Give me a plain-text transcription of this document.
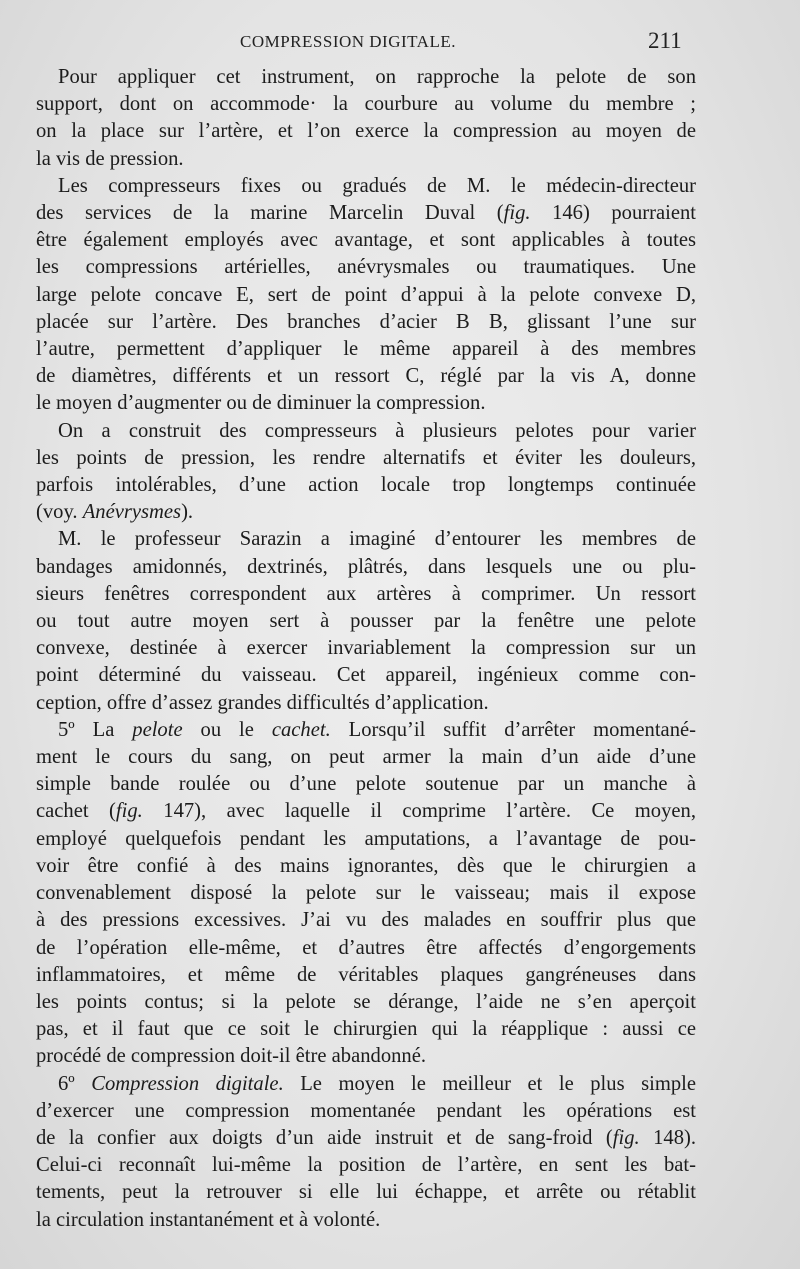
COMPRESSION DIGITALE.	211

Pour appliquer cet instrument, on rapproche la pelote de son
support, dont on accommode· la courbure au volume du membre ;
on la place sur l’artère, et l’on exerce la compression au moyen de
la vis de pression.

Les compresseurs fixes ou gradués de M. le médecin-directeur
des services de la marine Marcelin Duval (fig. 146) pourraient
être également employés avec avantage, et sont applicables à toutes
les compressions artérielles, anévrysmales ou traumatiques. Une
large pelote concave E, sert de point d’appui à la pelote convexe D,
placée sur l’artère. Des branches d’acier B B, glissant l’une sur
l’autre, permettent d’appliquer le même appareil à des membres
de diamètres, différents et un ressort C, réglé par la vis A, donne
le moyen d’augmenter ou de diminuer la compression.

On a construit des compresseurs à plusieurs pelotes pour varier
les points de pression, les rendre alternatifs et éviter les douleurs,
parfois intolérables, d’une action locale trop longtemps continuée
(voy. Anévrysmes).

M. le professeur Sarazin a imaginé d’entourer les membres de
bandages amidonnés, dextrinés, plâtrés, dans lesquels une ou plu-
sieurs fenêtres correspondent aux artères à comprimer. Un ressort
ou tout autre moyen sert à pousser par la fenêtre une pelote
convexe, destinée à exercer invariablement la compression sur un
point déterminé du vaisseau. Cet appareil, ingénieux comme con-
ception, offre d’assez grandes difficultés d’application.

5º La pelote ou le cachet. Lorsqu’il suffit d’arrêter momentané-
ment le cours du sang, on peut armer la main d’un aide d’une
simple bande roulée ou d’une pelote soutenue par un manche à
cachet (fig. 147), avec laquelle il comprime l’artère. Ce moyen,
employé quelquefois pendant les amputations, a l’avantage de pou-
voir être confié à des mains ignorantes, dès que le chirurgien a
convenablement disposé la pelote sur le vaisseau; mais il expose
à des pressions excessives. J’ai vu des malades en souffrir plus que
de l’opération elle-même, et d’autres être affectés d’engorgements
inflammatoires, et même de véritables plaques gangréneuses dans
les points contus; si la pelote se dérange, l’aide ne s’en aperçoit
pas, et il faut que ce soit le chirurgien qui la réapplique : aussi ce
procédé de compression doit-il être abandonné.

6º Compression digitale. Le moyen le meilleur et le plus simple
d’exercer une compression momentanée pendant les opérations est
de la confier aux doigts d’un aide instruit et de sang-froid (fig. 148).
Celui-ci reconnaît lui-même la position de l’artère, en sent les bat-
tements, peut la retrouver si elle lui échappe, et arrête ou rétablit
la circulation instantanément et à volonté.
